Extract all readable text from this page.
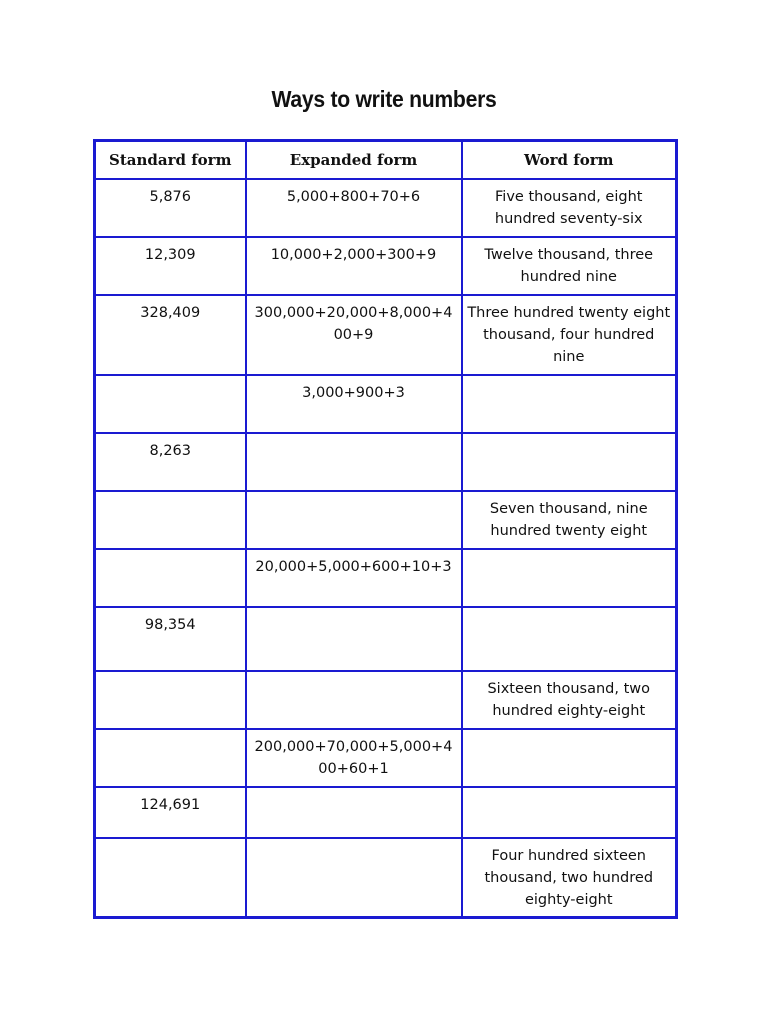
Ways to write numbers
Standard form	Expanded form	Word form
5,876	5,000+800+70+6	Five thousand, eight hundred seventy-six
12,309	10,000+2,000+300+9	Twelve thousand, three hundred nine
328,409	300,000+20,000+8,000+400+9	Three hundred twenty eight thousand, four hundred nine
	3,000+900+3	
8,263		
		Seven thousand, nine hundred twenty eight
	20,000+5,000+600+10+3	
98,354		
		Sixteen thousand, two hundred eighty-eight
	200,000+70,000+5,000+400+60+1	
124,691		
		Four hundred sixteen thousand, two hundred eighty-eight
